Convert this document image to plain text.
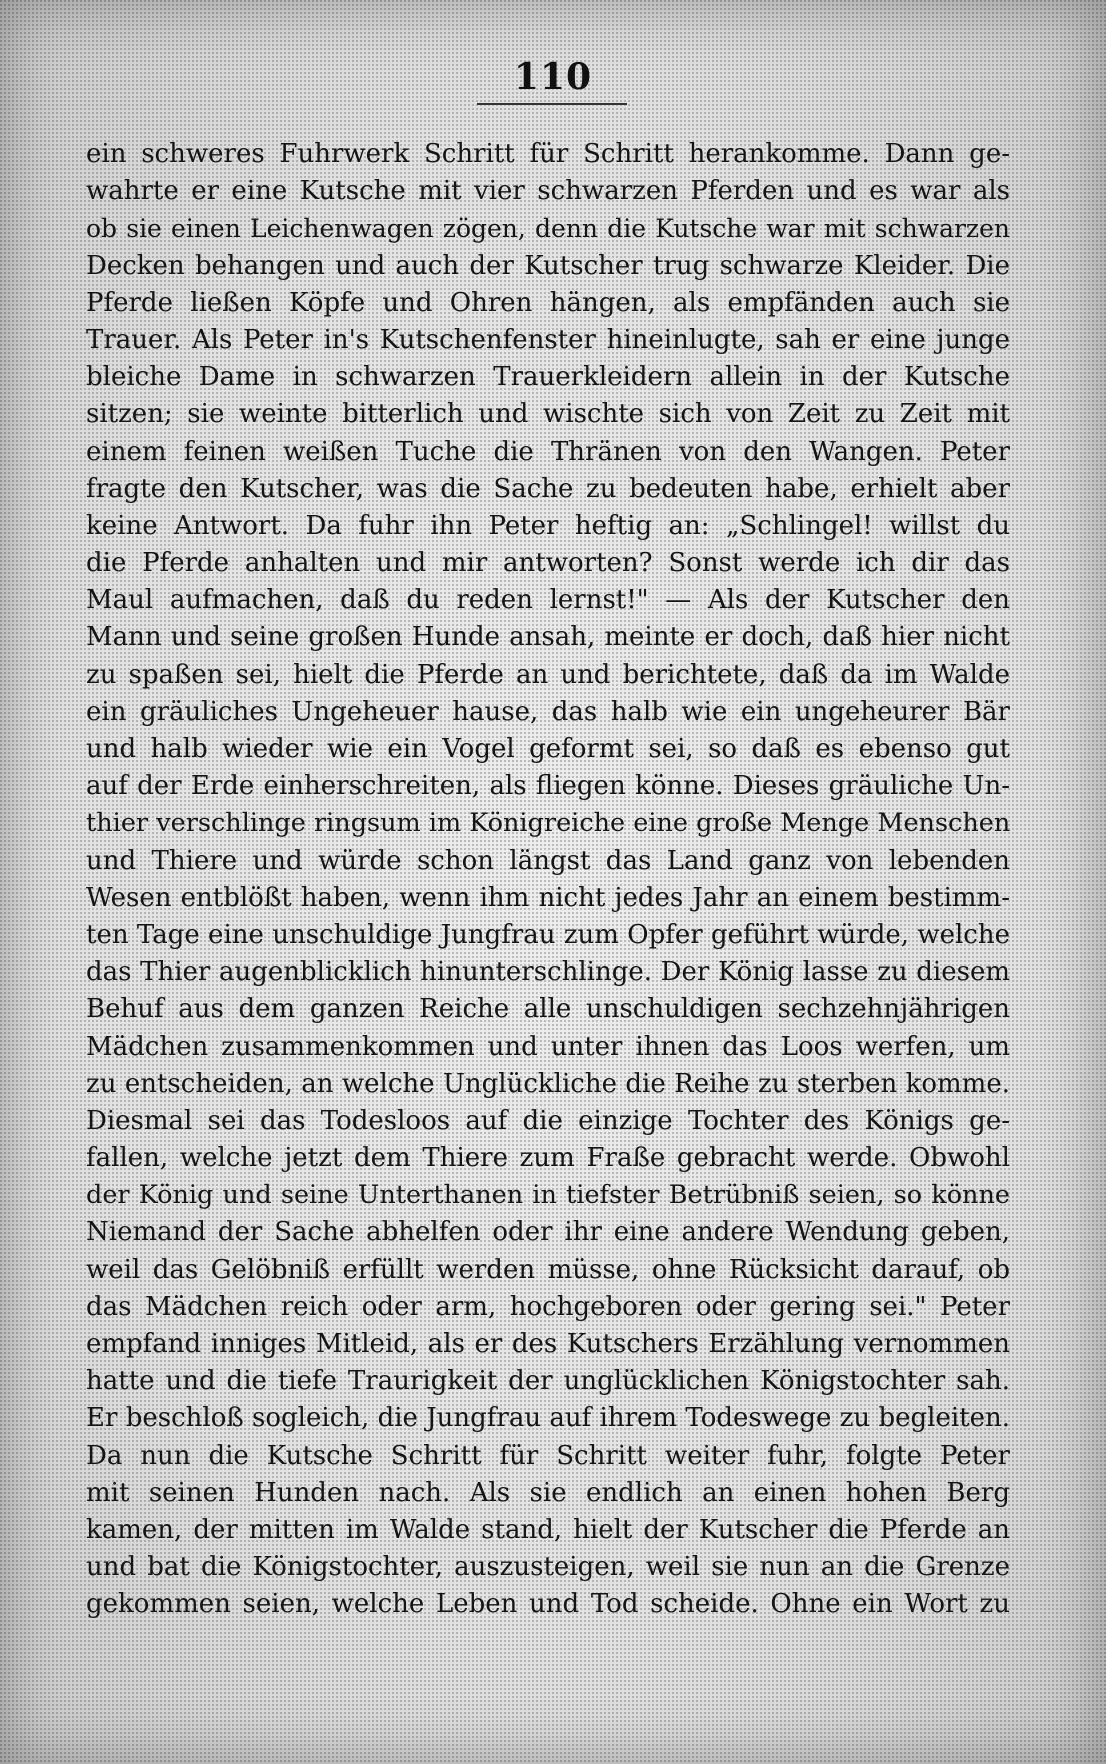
110
ein schweres Fuhrwerk Schritt für Schritt herankomme. Dann ge-
wahrte er eine Kutsche mit vier schwarzen Pferden und es war als
ob sie einen Leichenwagen zögen, denn die Kutsche war mit schwarzen
Decken behangen und auch der Kutscher trug schwarze Kleider. Die
Pferde ließen Köpfe und Ohren hängen, als empfänden auch sie
Trauer. Als Peter in's Kutschenfenster hineinlugte, sah er eine junge
bleiche Dame in schwarzen Trauerkleidern allein in der Kutsche
sitzen; sie weinte bitterlich und wischte sich von Zeit zu Zeit mit
einem feinen weißen Tuche die Thränen von den Wangen. Peter
fragte den Kutscher, was die Sache zu bedeuten habe, erhielt aber
keine Antwort. Da fuhr ihn Peter heftig an: „Schlingel! willst du
die Pferde anhalten und mir antworten? Sonst werde ich dir das
Maul aufmachen, daß du reden lernst!" — Als der Kutscher den
Mann und seine großen Hunde ansah, meinte er doch, daß hier nicht
zu spaßen sei, hielt die Pferde an und berichtete, daß da im Walde
ein gräuliches Ungeheuer hause, das halb wie ein ungeheurer Bär
und halb wieder wie ein Vogel geformt sei, so daß es ebenso gut
auf der Erde einherschreiten, als fliegen könne. Dieses gräuliche Un-
thier verschlinge ringsum im Königreiche eine große Menge Menschen
und Thiere und würde schon längst das Land ganz von lebenden
Wesen entblößt haben, wenn ihm nicht jedes Jahr an einem bestimm-
ten Tage eine unschuldige Jungfrau zum Opfer geführt würde, welche
das Thier augenblicklich hinunterschlinge. Der König lasse zu diesem
Behuf aus dem ganzen Reiche alle unschuldigen sechzehnjährigen
Mädchen zusammenkommen und unter ihnen das Loos werfen, um
zu entscheiden, an welche Unglückliche die Reihe zu sterben komme.
Diesmal sei das Todesloos auf die einzige Tochter des Königs ge-
fallen, welche jetzt dem Thiere zum Fraße gebracht werde. Obwohl
der König und seine Unterthanen in tiefster Betrübniß seien, so könne
Niemand der Sache abhelfen oder ihr eine andere Wendung geben,
weil das Gelöbniß erfüllt werden müsse, ohne Rücksicht darauf, ob
das Mädchen reich oder arm, hochgeboren oder gering sei." Peter
empfand inniges Mitleid, als er des Kutschers Erzählung vernommen
hatte und die tiefe Traurigkeit der unglücklichen Königstochter sah.
Er beschloß sogleich, die Jungfrau auf ihrem Todeswege zu begleiten.
Da nun die Kutsche Schritt für Schritt weiter fuhr, folgte Peter
mit seinen Hunden nach. Als sie endlich an einen hohen Berg
kamen, der mitten im Walde stand, hielt der Kutscher die Pferde an
und bat die Königstochter, auszusteigen, weil sie nun an die Grenze
gekommen seien, welche Leben und Tod scheide. Ohne ein Wort zu
